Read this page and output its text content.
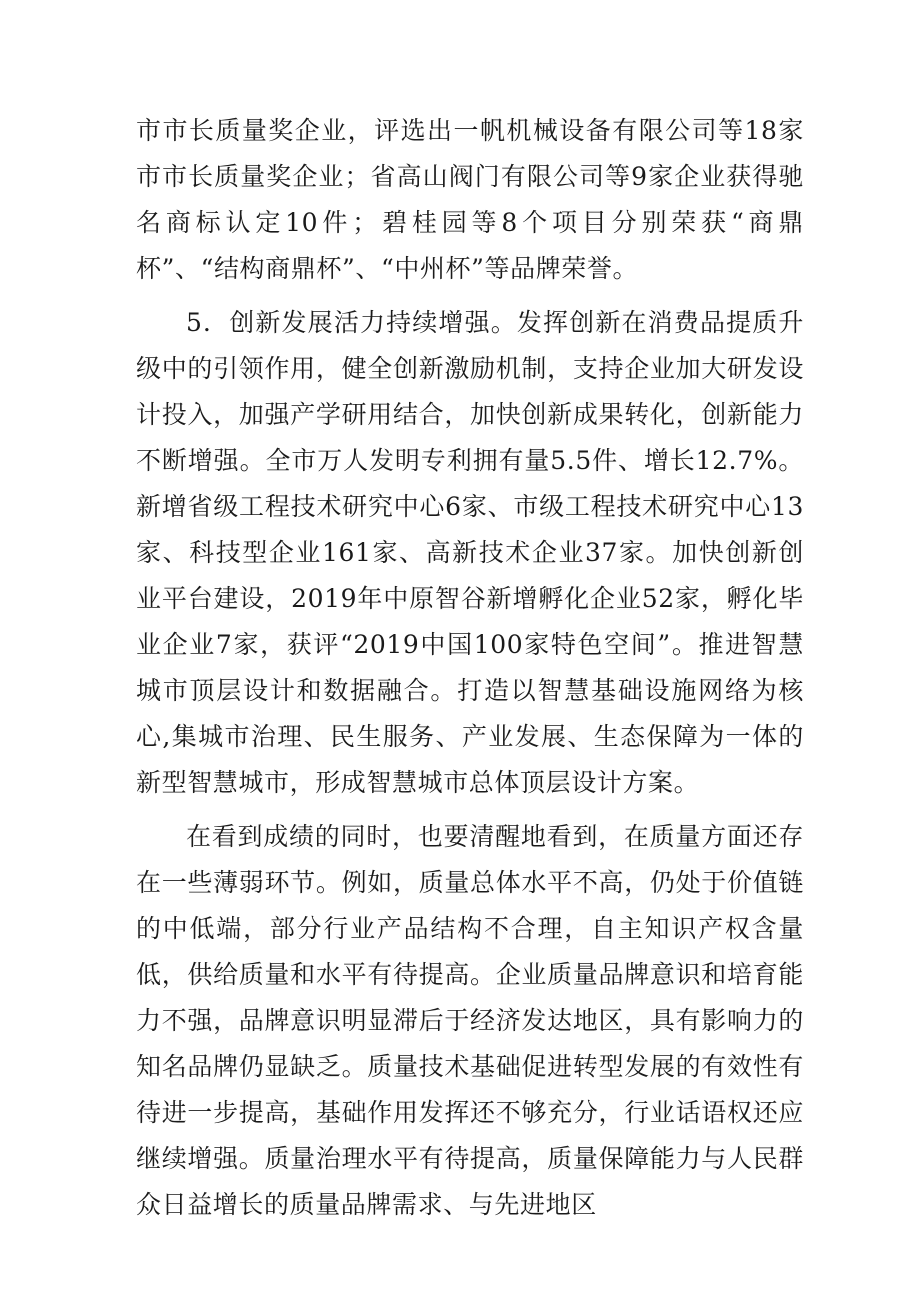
市市长质量奖企业，评选出一帆机械设备有限公司等18家市市长质量奖企业；省高山阀门有限公司等9家企业获得驰名商标认定10件；碧桂园等8个项目分别荣获“商鼎杯”、“结构商鼎杯”、“中州杯”等品牌荣誉。

5．创新发展活力持续增强。发挥创新在消费品提质升级中的引领作用，健全创新激励机制，支持企业加大研发设计投入，加强产学研用结合，加快创新成果转化，创新能力不断增强。全市万人发明专利拥有量5.5件、增长12.7%。新增省级工程技术研究中心6家、市级工程技术研究中心13家、科技型企业161家、高新技术企业37家。加快创新创业平台建设，2019年中原智谷新增孵化企业52家，孵化毕业企业7家，获评“2019中国100家特色空间”。推进智慧城市顶层设计和数据融合。打造以智慧基础设施网络为核心,集城市治理、民生服务、产业发展、生态保障为一体的新型智慧城市，形成智慧城市总体顶层设计方案。

在看到成绩的同时，也要清醒地看到，在质量方面还存在一些薄弱环节。例如，质量总体水平不高，仍处于价值链的中低端，部分行业产品结构不合理，自主知识产权含量低，供给质量和水平有待提高。企业质量品牌意识和培育能力不强，品牌意识明显滞后于经济发达地区，具有影响力的知名品牌仍显缺乏。质量技术基础促进转型发展的有效性有待进一步提高，基础作用发挥还不够充分，行业话语权还应继续增强。质量治理水平有待提高，质量保障能力与人民群众日益增长的质量品牌需求、与先进地区
